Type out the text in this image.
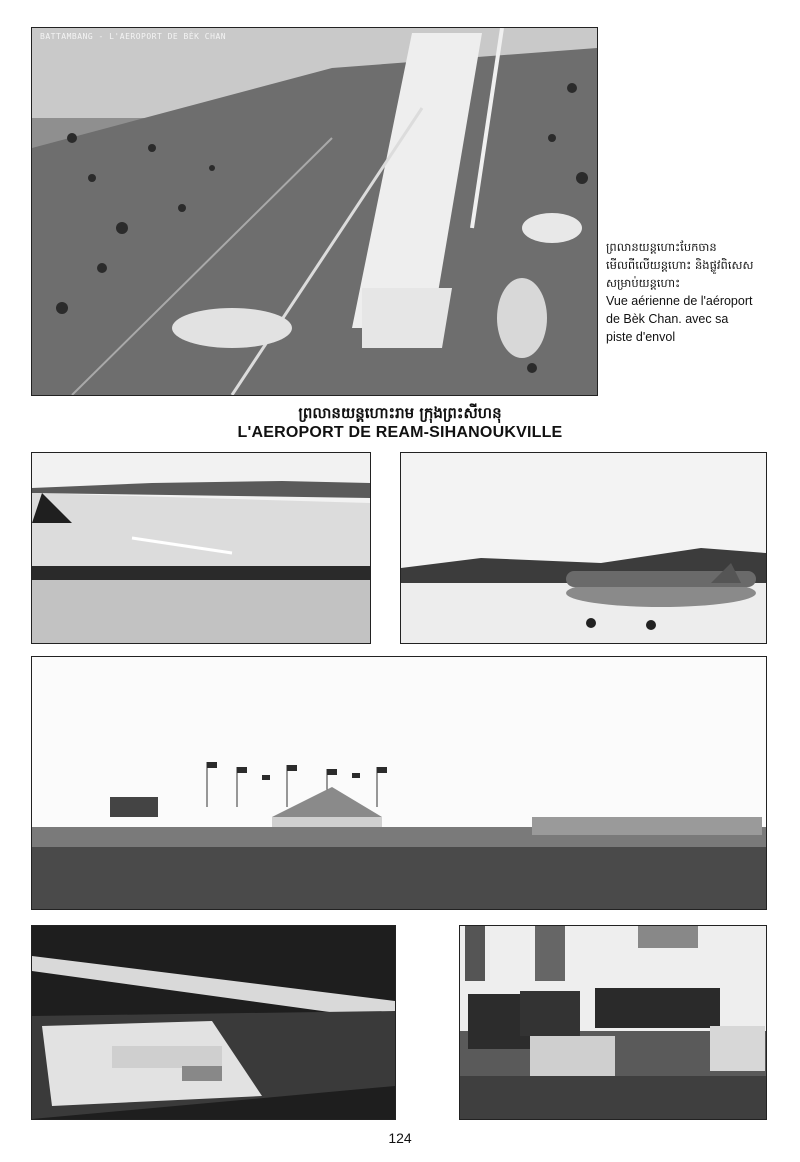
BATTAMBANG - L'AEROPORT DE BÈK CHAN
ព្រលានយន្តហោះបែកចាន
មើលពីលើយន្តហោះ និងផ្លូវពិសេស
សម្រាប់យន្តហោះ
Vue aérienne de l'aéroport
de Bèk Chan. avec sa
piste d'envol
ព្រលានយន្តហោះរាម ក្រុងព្រះសីហនុ
L'AEROPORT DE REAM-SIHANOUKVILLE
124
